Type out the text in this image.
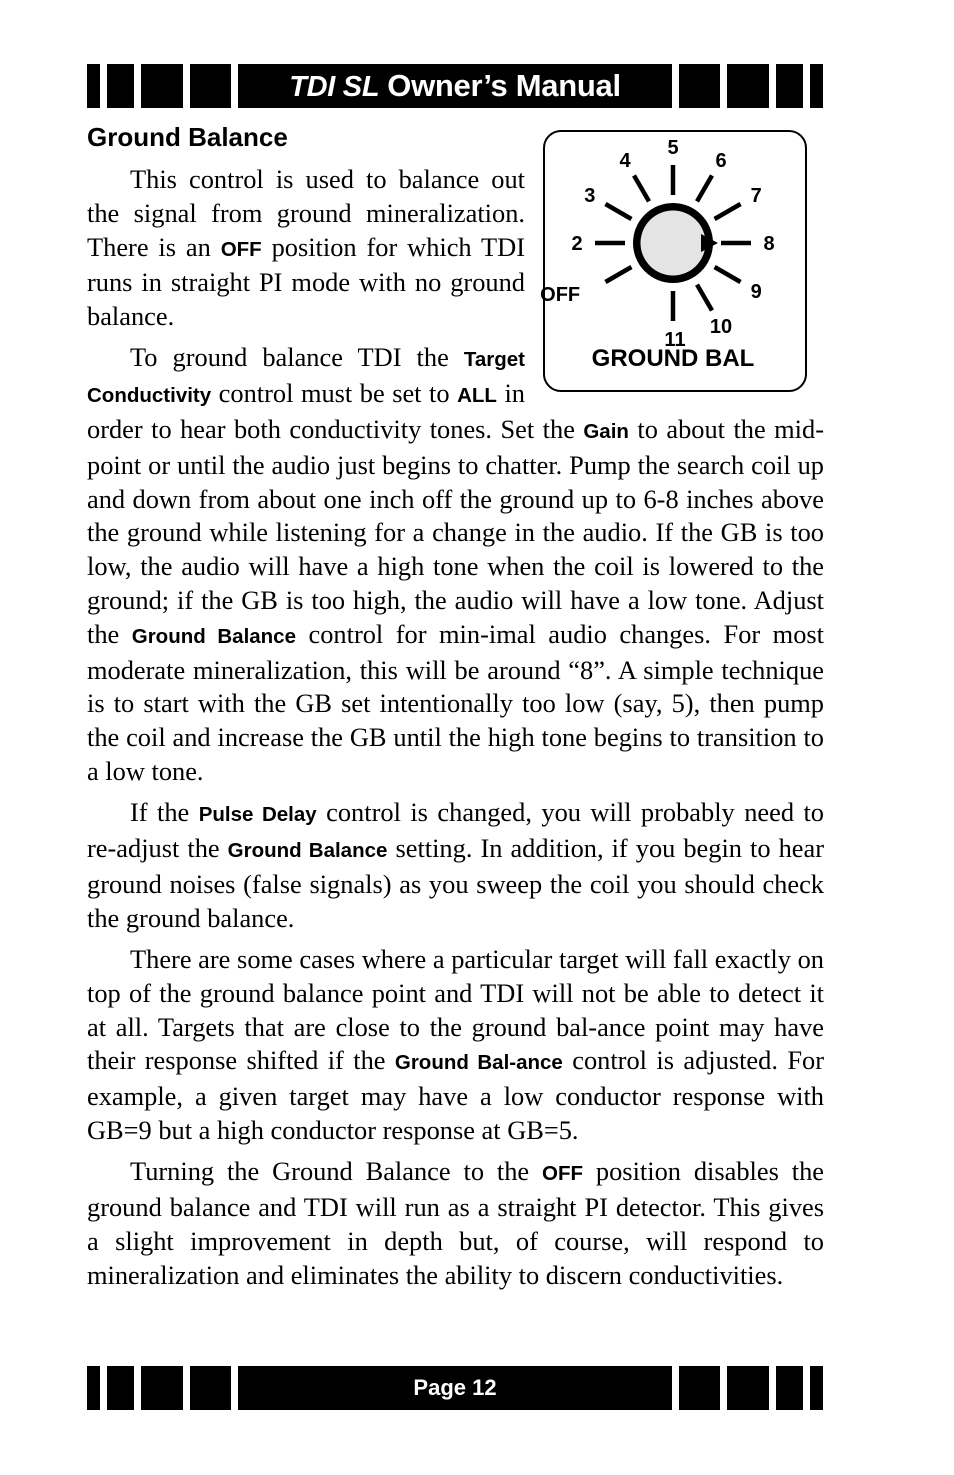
TDI SL Owner’s Manual
Ground Balance
OFF
2
3
4
5
6
7
8
9
10
11
GROUND BAL

This control is used to balance out the signal from ground mineralization. There is an OFF position for which TDI runs in straight PI mode with no ground balance.

To ground balance TDI the Target Conductivity control must be set to ALL in order to hear both conductivity tones. Set the Gain to about the mid-point or until the audio just begins to chatter. Pump the search coil up and down from about one inch off the ground up to 6-8 inches above the ground while listening for a change in the audio. If the GB is too low, the audio will have a high tone when the coil is lowered to the ground; if the GB is too high, the audio will have a low tone. Adjust the Ground Balance control for min-imal audio changes. For most moderate mineralization, this will be around “8”. A simple technique is to start with the GB set intentionally too low (say, 5), then pump the coil and increase the GB until the high tone begins to transition to a low tone.

If the Pulse Delay control is changed, you will probably need to re-adjust the Ground Balance setting. In addition, if you begin to hear ground noises (false signals) as you sweep the coil you should check the ground balance.

There are some cases where a particular target will fall exactly on top of the ground balance point and TDI will not be able to detect it at all. Targets that are close to the ground bal-ance point may have their response shifted if the Ground Bal-ance control is adjusted. For example, a given target may have a low conductor response with GB=9 but a high conductor response at GB=5.

Turning the Ground Balance to the OFF position disables the ground balance and TDI will run as a straight PI detector. This gives a slight improvement in depth but, of course, will respond to mineralization and eliminates the ability to discern conductivities.

Page 12
